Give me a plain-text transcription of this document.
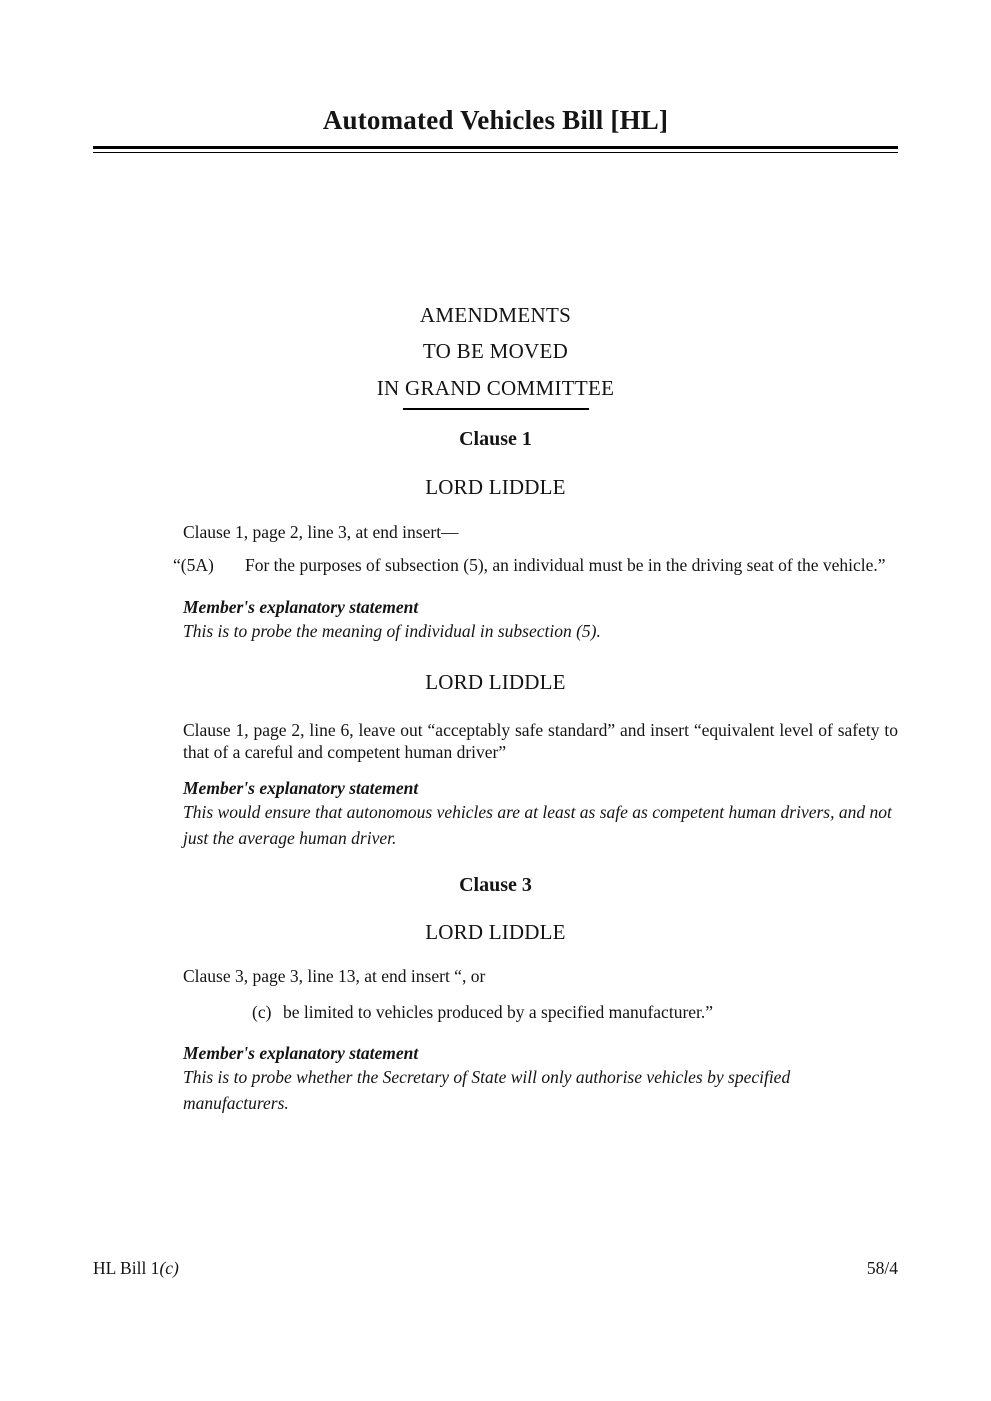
Automated Vehicles Bill [HL]
AMENDMENTS
TO BE MOVED
IN GRAND COMMITTEE
Clause 1
LORD LIDDLE
Clause 1, page 2, line 3, at end insert—
“(5A) For the purposes of subsection (5), an individual must be in the driving seat of the vehicle.”
Member's explanatory statement
This is to probe the meaning of individual in subsection (5).
LORD LIDDLE
Clause 1, page 2, line 6, leave out “acceptably safe standard” and insert “equivalent level of safety to that of a careful and competent human driver”
Member's explanatory statement
This would ensure that autonomous vehicles are at least as safe as competent human drivers, and not just the average human driver.
Clause 3
LORD LIDDLE
Clause 3, page 3, line 13, at end insert “, or
(c) be limited to vehicles produced by a specified manufacturer.”
Member's explanatory statement
This is to probe whether the Secretary of State will only authorise vehicles by specified manufacturers.
HL Bill 1(c)	58/4
